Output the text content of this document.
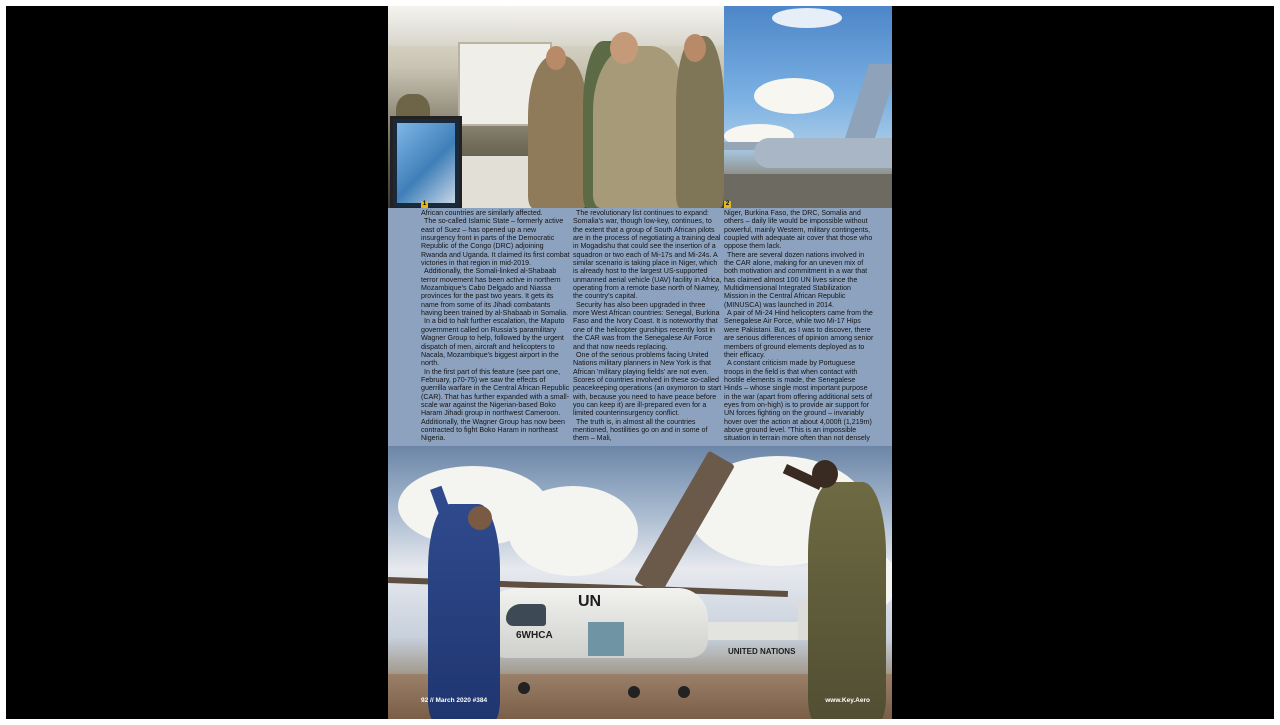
1	2

African countries are similarly affected.

The so-called Islamic State – formerly active east of Suez – has opened up a new insurgency front in parts of the Democratic Republic of the Congo (DRC) adjoining Rwanda and Uganda. It claimed its first combat victories in that region in mid-2019.

Additionally, the Somali-linked al-Shabaab terror movement has been active in northern Mozambique's Cabo Delgado and Niassa provinces for the past two years. It gets its name from some of its Jihadi combatants having been trained by al-Shabaab in Somalia.

In a bid to halt further escalation, the Maputo government called on Russia's paramilitary Wagner Group to help, followed by the urgent dispatch of men, aircraft and helicopters to Nacala, Mozambique's biggest airport in the north.

In the first part of this feature (see part one, February, p70-75) we saw the effects of guerrilla warfare in the Central African Republic (CAR). That has further expanded with a small-scale war against the Nigerian-based Boko Haram Jihadi group in northwest Cameroon. Additionally, the Wagner Group has now been contracted to fight Boko Haram in northeast Nigeria.

The revolutionary list continues to expand: Somalia's war, though low-key, continues, to the extent that a group of South African pilots are in the process of negotiating a training deal in Mogadishu that could see the insertion of a squadron or two each of Mi-17s and Mi-24s. A similar scenario is taking place in Niger, which is already host to the largest US-supported unmanned aerial vehicle (UAV) facility in Africa, operating from a remote base north of Niamey, the country's capital.

Security has also been upgraded in three more West African countries: Senegal, Burkina Faso and the Ivory Coast. It is noteworthy that one of the helicopter gunships recently lost in the CAR was from the Senegalese Air Force and that now needs replacing.

One of the serious problems facing United Nations military planners in New York is that African 'military playing fields' are not even. Scores of countries involved in these so-called peacekeeping operations (an oxymoron to start with, because you need to have peace before you can keep it) are ill-prepared even for a limited counterinsurgency conflict.

The truth is, in almost all the countries mentioned, hostilities go on and in some of them – Mali,

Niger, Burkina Faso, the DRC, Somalia and others – daily life would be impossible without powerful, mainly Western, military contingents, coupled with adequate air cover that those who oppose them lack.

There are several dozen nations involved in the CAR alone, making for an uneven mix of both motivation and commitment in a war that has claimed almost 100 UN lives since the Multidimensional Integrated Stabilization Mission in the Central African Republic (MINUSCA) was launched in 2014.

A pair of Mi-24 Hind helicopters came from the Senegalese Air Force, while two Mi-17 Hips were Pakistani. But, as I was to discover, there are serious differences of opinion among senior members of ground elements deployed as to their efficacy.

A constant criticism made by Portuguese troops in the field is that when contact with hostile elements is made, the Senegalese Hinds – whose single most important purpose in the war (apart from offering additional sets of eyes from on-high) is to provide air support for UN forces fighting on the ground – invariably hover over the action at about 4,000ft (1,219m) above ground level. "This is an impossible situation in terrain more often than not densely

UN
6WHCA
UNITED NATIONS
92 // March 2020 #384	www.Key.Aero
